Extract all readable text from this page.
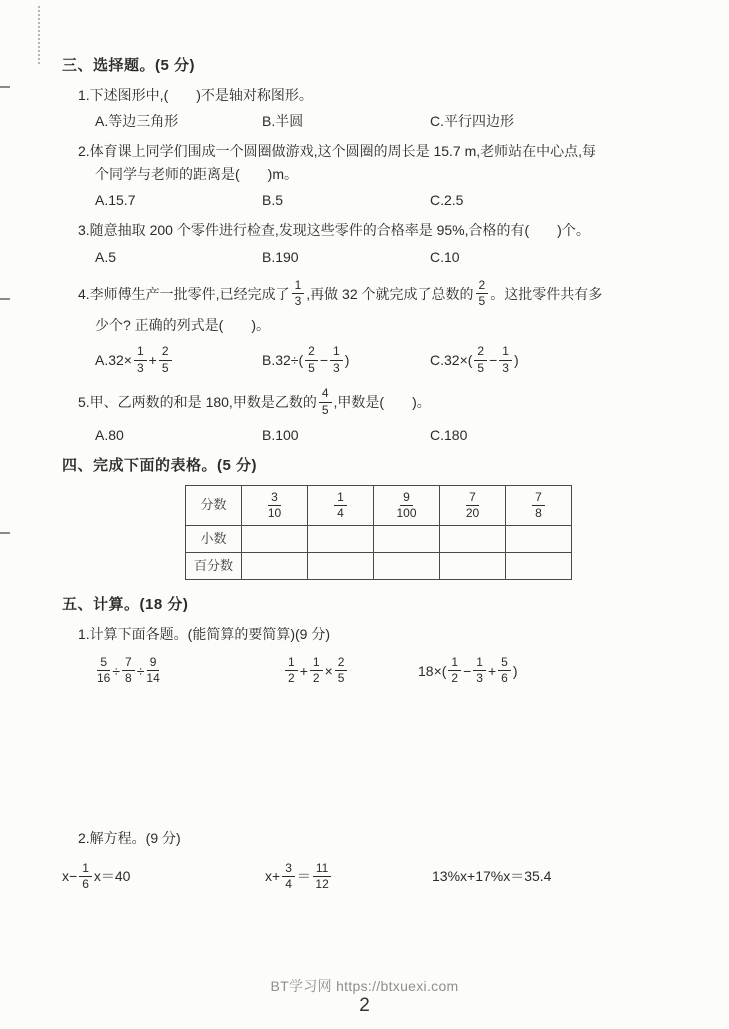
三、选择题。(5 分)
1.下述图形中,(　　)不是轴对称图形。
A.等边三角形	B.半圆	C.平行四边形
2.体育课上同学们围成一个圆圈做游戏,这个圆圈的周长是 15.7 m,老师站在中心点,每
个同学与老师的距离是(　　)m。
A.15.7	B.5	C.2.5
3.随意抽取 200 个零件进行检查,发现这些零件的合格率是 95%,合格的有(　　)个。
A.5	B.190	C.10
4.李师傅生产一批零件,已经完成了 $\frac{1}{3}$ ,再做 32 个就完成了总数的 $\frac{2}{5}$ 。这批零件共有多
少个? 正确的列式是(　　)。
$A.32\times \frac{1}{3} + \frac{2}{5}$	$B.32\div( \frac{2}{5} - \frac{1}{3}$ )	$C.32\times( \frac{2}{5} - \frac{1}{3}$ )
5.甲、乙两数的和是 180,甲数是乙数的 $\frac{4}{5}$ ,甲数是(　　)。
A.80	B.100	C.180
四、完成下面的表格。(5 分)
分数	$\frac{3}{10}$	$\frac{1}{4}$	$\frac{9}{100}$	$\frac{7}{20}$	$\frac{7}{8}$

小数					
百分数					
五、计算。(18 分)
1.计算下面各题。(能简算的要简算)(9 分)
$\frac{5}{16} \div \frac{7}{8} \div \frac{9}{14}$	$\frac{1}{2} + \frac{1}{2} \times \frac{2}{5}$	$18\times( \frac{1}{2} - \frac{1}{3} + \frac{5}{6}$ )
2.解方程。(9 分)
$x- \frac{1}{6} x=40$	$x+ \frac{3}{4} = \frac{11}{12}$	13%x+17%x＝35.4
BT学习网 https://btxuexi.com
2
